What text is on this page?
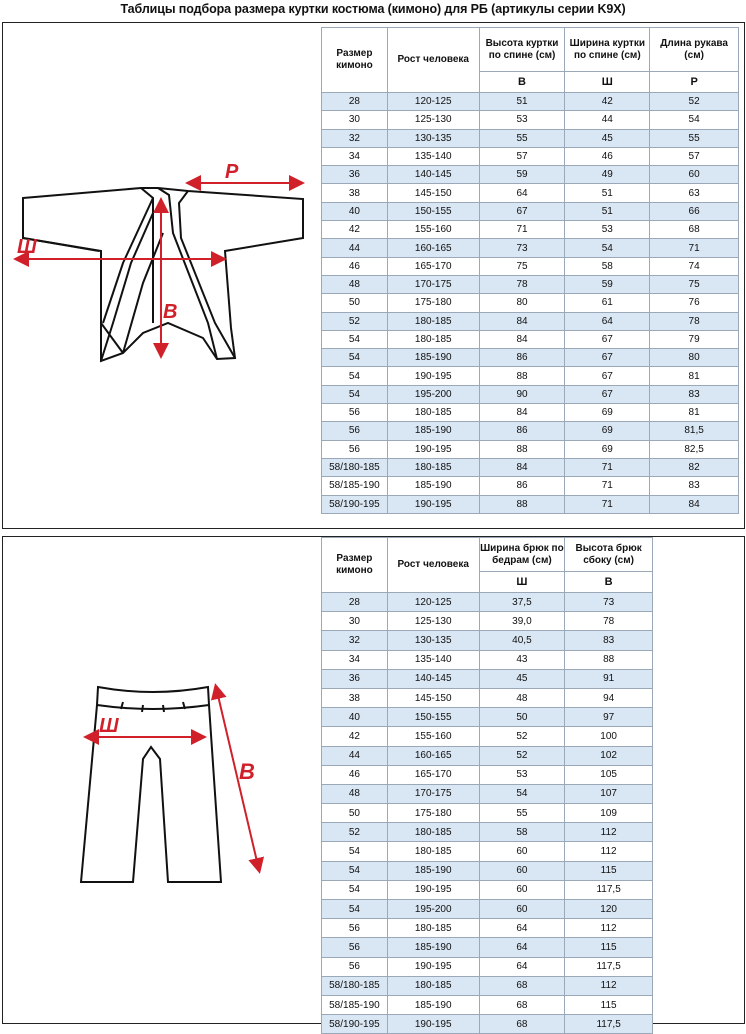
Таблицы подбора размера куртки костюма (кимоно) для РБ (артикулы серии K9X)
Р
Ш
В
Размер кимоно	Рост человека	Высота куртки по спине (см)	Ширина куртки по спине (см)	Длина рукава (см)
		В	Ш	Р
28	120-125	51	42	52
30	125-130	53	44	54
32	130-135	55	45	55
34	135-140	57	46	57
36	140-145	59	49	60
38	145-150	64	51	63
40	150-155	67	51	66
42	155-160	71	53	68
44	160-165	73	54	71
46	165-170	75	58	74
48	170-175	78	59	75
50	175-180	80	61	76
52	180-185	84	64	78
54	180-185	84	67	79
54	185-190	86	67	80
54	190-195	88	67	81
54	195-200	90	67	83
56	180-185	84	69	81
56	185-190	86	69	81,5
56	190-195	88	69	82,5
58/180-185	180-185	84	71	82
58/185-190	185-190	86	71	83
58/190-195	190-195	88	71	84
Ш
В
Размер кимоно	Рост человека	Ширина брюк по бедрам (см)	Высота брюк сбоку (см)
		Ш	В
28	120-125	37,5	73
30	125-130	39,0	78
32	130-135	40,5	83
34	135-140	43	88
36	140-145	45	91
38	145-150	48	94
40	150-155	50	97
42	155-160	52	100
44	160-165	52	102
46	165-170	53	105
48	170-175	54	107
50	175-180	55	109
52	180-185	58	112
54	180-185	60	112
54	185-190	60	115
54	190-195	60	117,5
54	195-200	60	120
56	180-185	64	112
56	185-190	64	115
56	190-195	64	117,5
58/180-185	180-185	68	112
58/185-190	185-190	68	115
58/190-195	190-195	68	117,5
